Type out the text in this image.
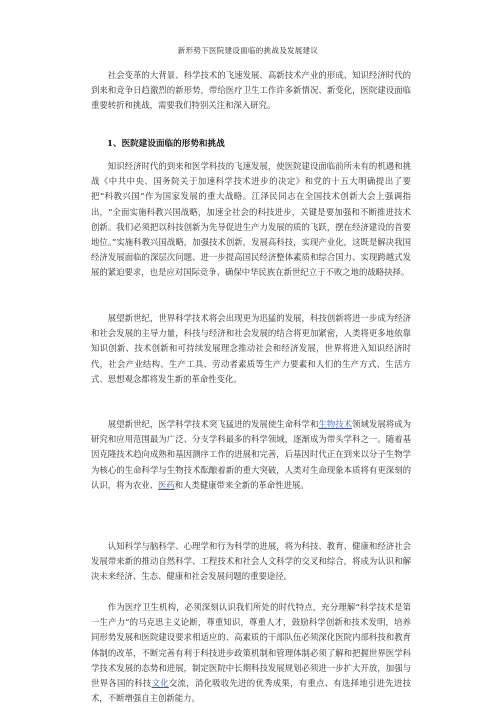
新形势下医院建设面临的挑战及发展建议

社会变革的大背景、科学技术的飞速发展、高新技术产业的形成、知识经济时代的到来和竞争日趋激烈的新形势，带给医疗卫生工作许多新情况、新变化，医院建设面临重要转折和挑战，需要我们特别关注和深入研究。

1、医院建设面临的形势和挑战

知识经济时代的到来和医学科技的飞速发展，使医院建设面临前所未有的机遇和挑战《中共中央、国务院关于加速科学技术进步的决定》和党的十五大明确提出了要把“科教兴国”作为国家发展的重大战略。江泽民同志在全国技术创新大会上强调指出，“全面实施科教兴国战略，加速全社会的科技进步，关键是要加强和不断推进技术创新。我们必须把以科技创新为先导促进生产力发展的质的飞跃，摆在经济建设的首要地位。”实施科教兴国战略，加强技术创新，发展高科技，实现产业化，这既是解决我国经济发展面临的深层次问题、进一步提高国民经济整体素质和综合国力、实现跨越式发展的紧迫要求，也是应对国际竞争、确保中华民族在新世纪立于不败之地的战略抉择。

展望新世纪，世界科学技术将会出现更为迅猛的发展，科技创新将进一步成为经济和社会发展的主导力量，科技与经济和社会发展的结合将更加紧密，人类将更多地依靠知识创新、技术创新和可持续发展理念推动社会和经济发展，世界将进入知识经济时代，社会产业结构、生产工具、劳动者素质等生产力要素和人们的生产方式、生活方式、思想观念都将发生新的革命性变化。

展望新世纪，医学科学技术突飞猛进的发展使生命科学和生物技术领域发展将成为研究和应用范围最为广泛、分支学科最多的科学领域，逐渐成为带头学科之一。随着基因克隆技术趋向成熟和基因测序工作的进展和完善，后基因时代正在到来以分子生物学为核心的生命科学与生物技术酝酿着新的重大突破，人类对生命现象本质将有更深刻的认识，将为农业、医药和人类健康带来全新的革命性进展。

认知科学与脑科学、心理学和行为科学的进展，将为科技、教育、健康和经济社会发展带来新的推动自然科学、工程技术和社会人文科学的交叉和综合，将成为认识和解决未来经济、生态、健康和社会发展问题的重要途径。

作为医疗卫生机构，必须深刻认识我们所处的时代特点，充分理解“科学技术是第一生产力”的马克思主义论断，尊重知识，尊重人才，鼓励科学创新和技术发明，培养同形势发展和医院建设要求相适应的、高素质的干部队伍必须深化医院内部科技和教育体制的改革，不断完善有利于科技进步政策机制和管理体制必须了解和把握世界医学科学技术发展的态势和进展，制定医院中长期科技发展规划必须进一步扩大开放，加强与世界各国的科技文化交流，消化吸收先进的优秀成果，有重点、有选择地引进先进技术，不断增强自主创新能力。
